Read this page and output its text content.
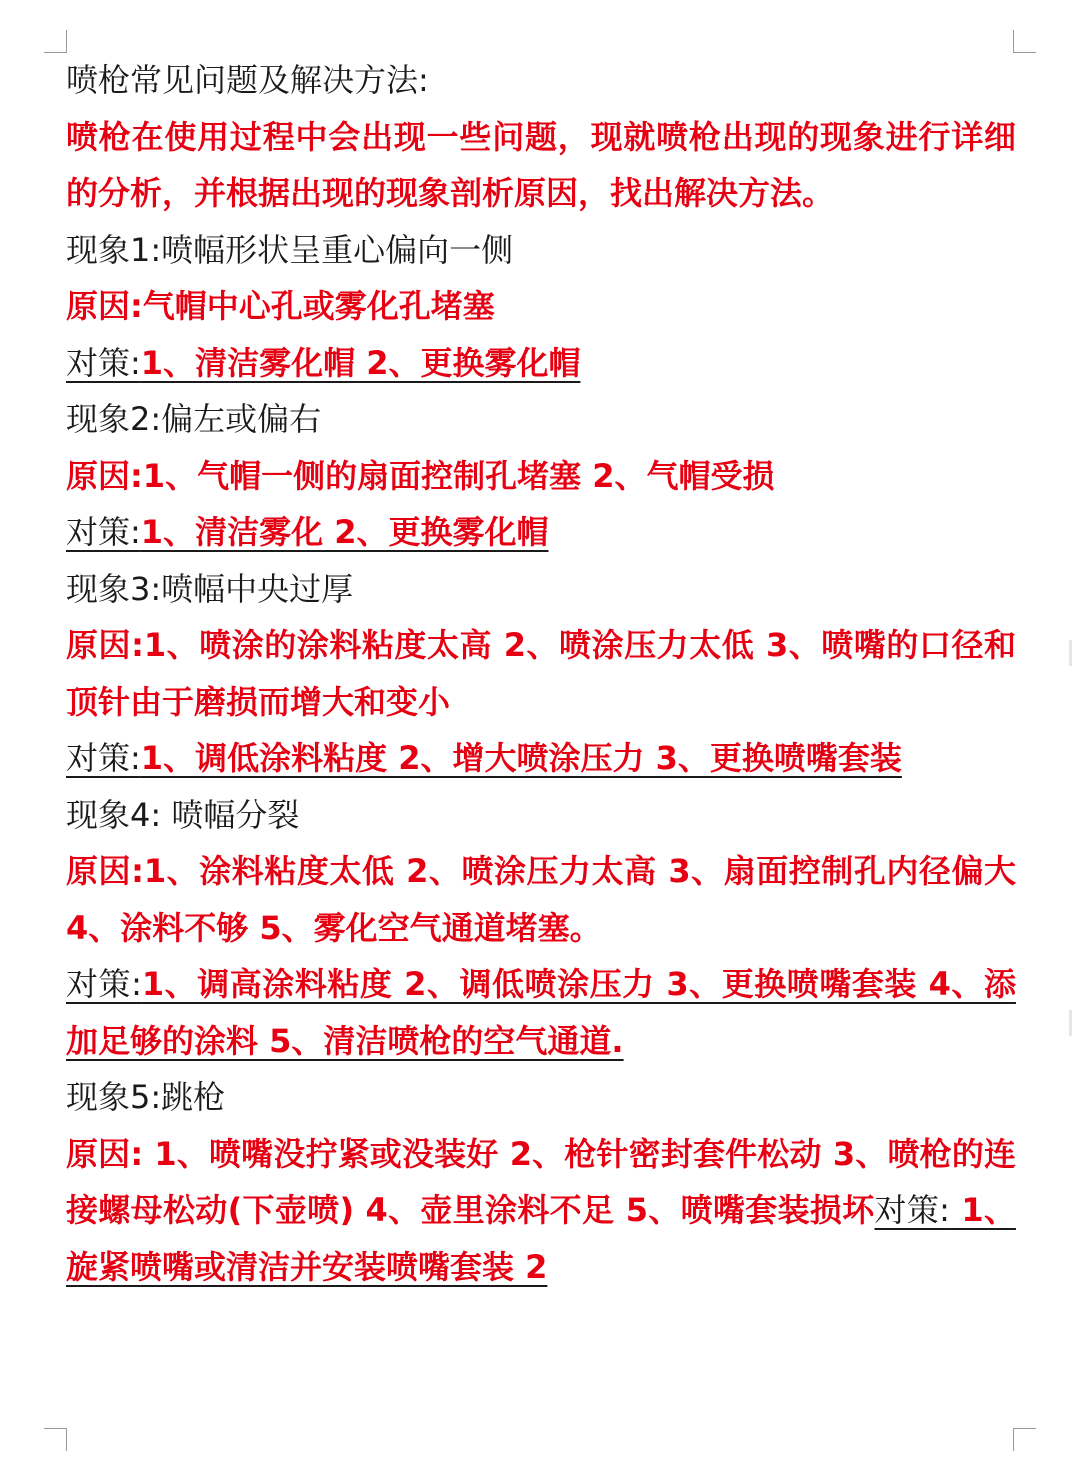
喷枪常见问题及解决方法:

喷枪在使用过程中会出现一些问题，现就喷枪出现的现象进行详细的分析，并根据出现的现象剖析原因，找出解决方法。

现象1:喷幅形状呈重心偏向一侧

原因:气帽中心孔或雾化孔堵塞

对策:1、清洁雾化帽 2、更换雾化帽

现象2:偏左或偏右

原因:1、气帽一侧的扇面控制孔堵塞 2、气帽受损

对策:1、清洁雾化 2、更换雾化帽

现象3:喷幅中央过厚

原因:1、喷涂的涂料粘度太高 2、喷涂压力太低 3、喷嘴的口径和顶针由于磨损而增大和变小

对策:1、调低涂料粘度 2、增大喷涂压力 3、更换喷嘴套装

现象4: 喷幅分裂

原因:1、涂料粘度太低 2、喷涂压力太高 3、扇面控制孔内径偏大 4、涂料不够 5、雾化空气通道堵塞。

对策:1、调高涂料粘度 2、调低喷涂压力 3、更换喷嘴套装 4、添加足够的涂料 5、清洁喷枪的空气通道.

现象5:跳枪

原因: 1、喷嘴没拧紧或没装好 2、枪针密封套件松动 3、喷枪的连接螺母松动(下壶喷) 4、壶里涂料不足 5、喷嘴套装损坏对策: 1、旋紧喷嘴或清洁并安装喷嘴套装 2
